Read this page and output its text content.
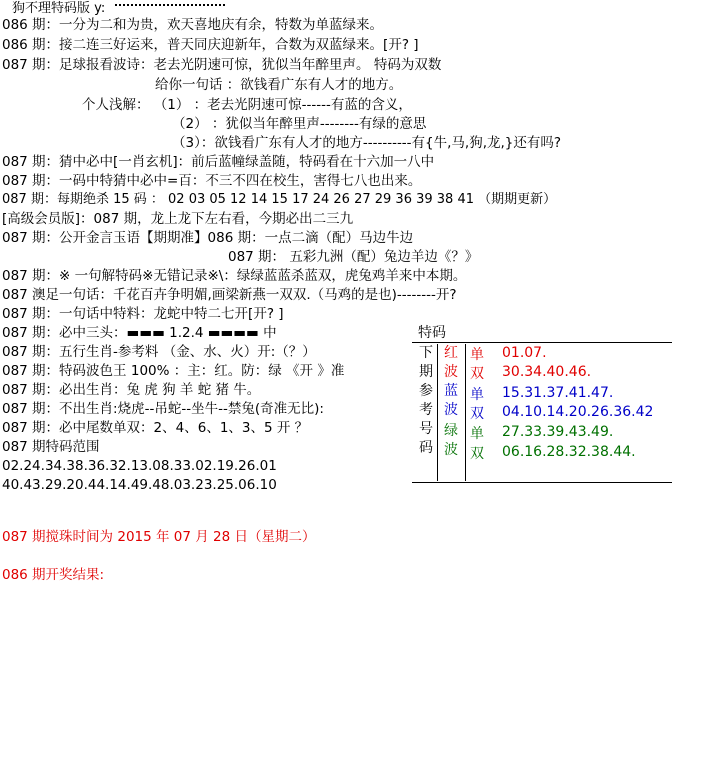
狗不理特码版 y:
086 期：一分为二和为贵，欢天喜地庆有余，特数为单蓝绿来。
086 期：接二连三好运来，普天同庆迎新年，合数为双蓝绿来。[开? ]
087 期：足球报看波诗：老去光阴速可惊，犹似当年醉里声。 特码为双数
给你一句话 ：欲钱看广东有人才的地方。
个人浅解： （1） ：老去光阴速可惊------有蓝的含义，
（2） ：犹似当年醉里声--------有绿的意思
（3）：欲钱看广东有人才的地方----------有{牛,马,狗,龙,}还有吗?
087 期：猜中必中[一肖玄机]：前后蓝幢绿盖随，特码看在十六加一八中
087 期：一码中特猜中必中=百：不三不四在校生，害得七八也出来。
087 期：每期绝杀 15 码 ： 02 03 05 12 14 15 17 24 26 27 29 36 39 38 41 （期期更新）
[高级会员版]：087 期，龙上龙下左右看，今期必出二三九
087 期：公开金言玉语【期期准】086 期：一点二滴（配）马边牛边
087 期： 五彩九洲（配）兔边羊边《？》
087 期：※ 一句解特码※无错记录※\：绿绿蓝蓝杀蓝双，虎兔鸡羊来中本期。
087 澳足一句话：千花百卉争明媚,画梁新燕一双双.（马鸡的是也)--------开?
087 期：一句话中特料：龙蛇中特二七开[开? ]
087 期：必中三头：▬▬▬ 1.2.4 ▬▬▬▬ 中
087 期：五行生肖-参考料 （金、水、火）开:（？）
087 期：特码波色王 100% ：主：红。防：绿 《开 》准
087 期：必出生肖：兔 虎 狗 羊 蛇 猪 牛。
087 期：不出生肖:烧虎--吊蛇--坐牛--禁兔(奇准无比):
087 期：必中尾数单双：2、4、6、1、3、5 开 ？
087 期特码范围
02.24.34.38.36.32.13.08.33.02.19.26.01
40.43.29.20.44.14.49.48.03.23.25.06.10
087 期搅珠时间为 2015 年 07 月 28 日（星期二）
086 期开奖结果:
特码
下
期
参
考
号
码
红
波
单 01.07.
双 30.34.40.46.
蓝
波
单 15.31.37.41.47.
双 04.10.14.20.26.36.42
绿
波
单 27.33.39.43.49.
双 06.16.28.32.38.44.
